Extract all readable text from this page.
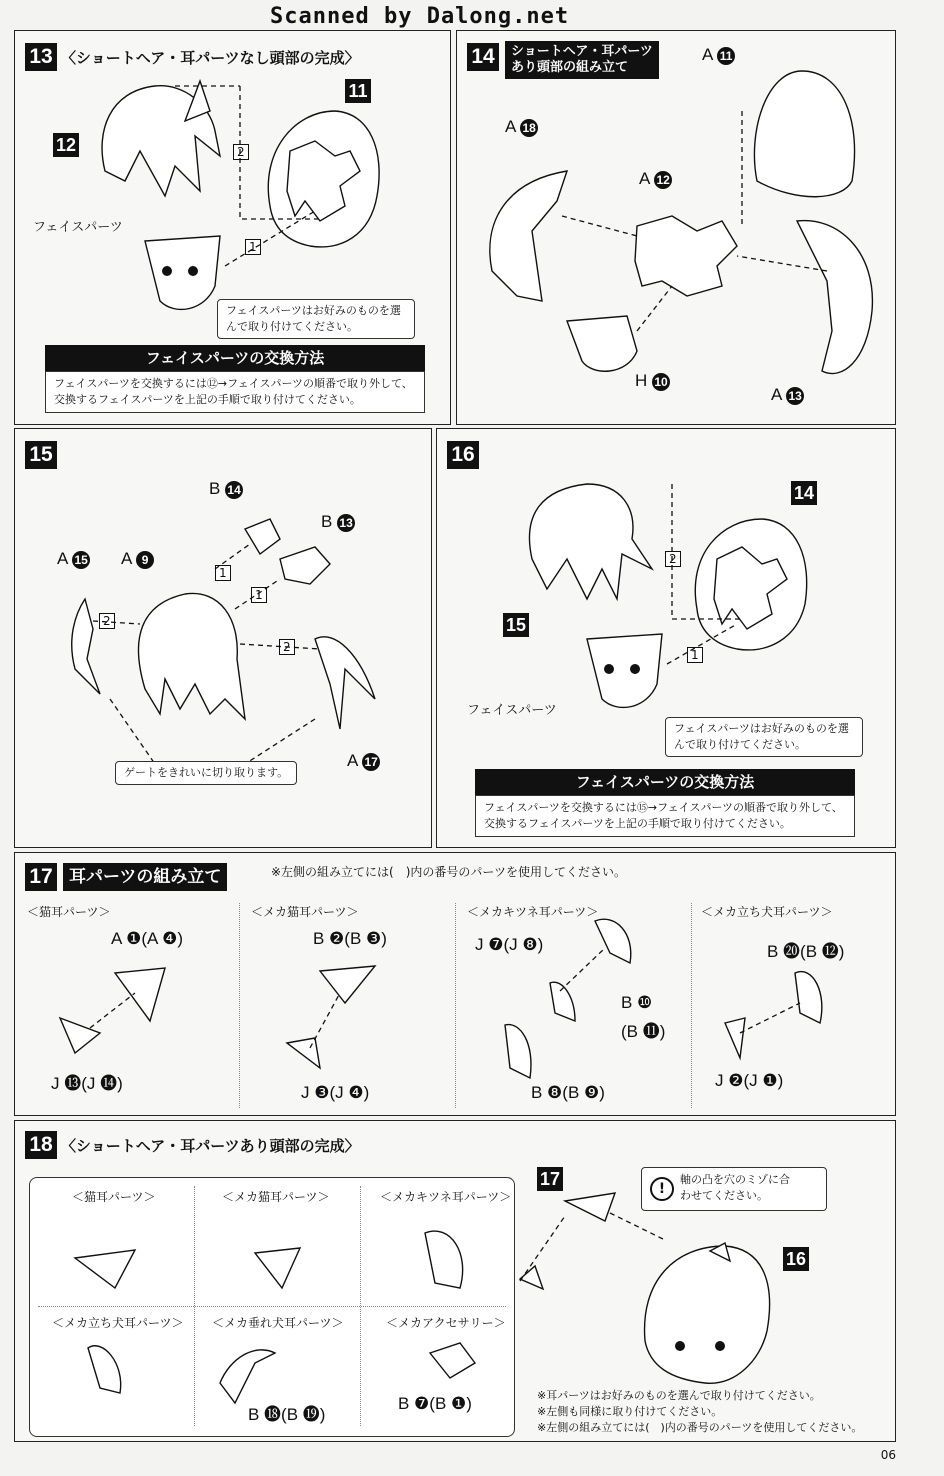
Scanned by Dalong.net
13 〈ショートヘア・耳パーツなし頭部の完成〉
12
11
フェイスパーツ
2
1
フェイスパーツはお好みのものを選んで取り付けてください。
フェイスパーツの交換方法
フェイスパーツを交換するには⑫→フェイスパーツの順番で取り外して、交換するフェイスパーツを上記の手順で取り付けてください。
14	ショートヘア・耳パーツ
あり頭部の組み立て
A 11
A 18
A 12
H 10
A 13
15
B 14
B 13
A 15 A 9
A 17
1
1
2
2
ゲートをきれいに切り取ります。
16
15
14
2
1
フェイスパーツ
フェイスパーツはお好みのものを選んで取り付けてください。
フェイスパーツの交換方法
フェイスパーツを交換するには⑮→フェイスパーツの順番で取り外して、交換するフェイスパーツを上記の手順で取り付けてください。
17 耳パーツの組み立て	※左側の組み立てには(　)内の番号のパーツを使用してください。
＜猫耳パーツ＞
A ❶(A ❹)
J ⓭(J ⓮)
＜メカ猫耳パーツ＞
B ❷(B ❸)
J ❸(J ❹)
＜メカキツネ耳パーツ＞
J ❼(J ❽)
B ❿
(B ⓫)
B ❽(B ❾)
＜メカ立ち犬耳パーツ＞
B ⓴(B ⓬)
J ❷(J ❶)
18 〈ショートヘア・耳パーツあり頭部の完成〉
＜猫耳パーツ＞	＜メカ猫耳パーツ＞	＜メカキツネ耳パーツ＞
＜メカ立ち犬耳パーツ＞ ＜メカ垂れ犬耳パーツ＞	＜メカアクセサリー＞
B ⓲(B ⓳)
B ❼(B ❶)
17
16
!
軸の凸を穴のミゾに合わせてください。
※耳パーツはお好みのものを選んで取り付けてください。
※左側も同様に取り付けてください。
※左側の組み立てには(　)内の番号のパーツを使用してください。
06
